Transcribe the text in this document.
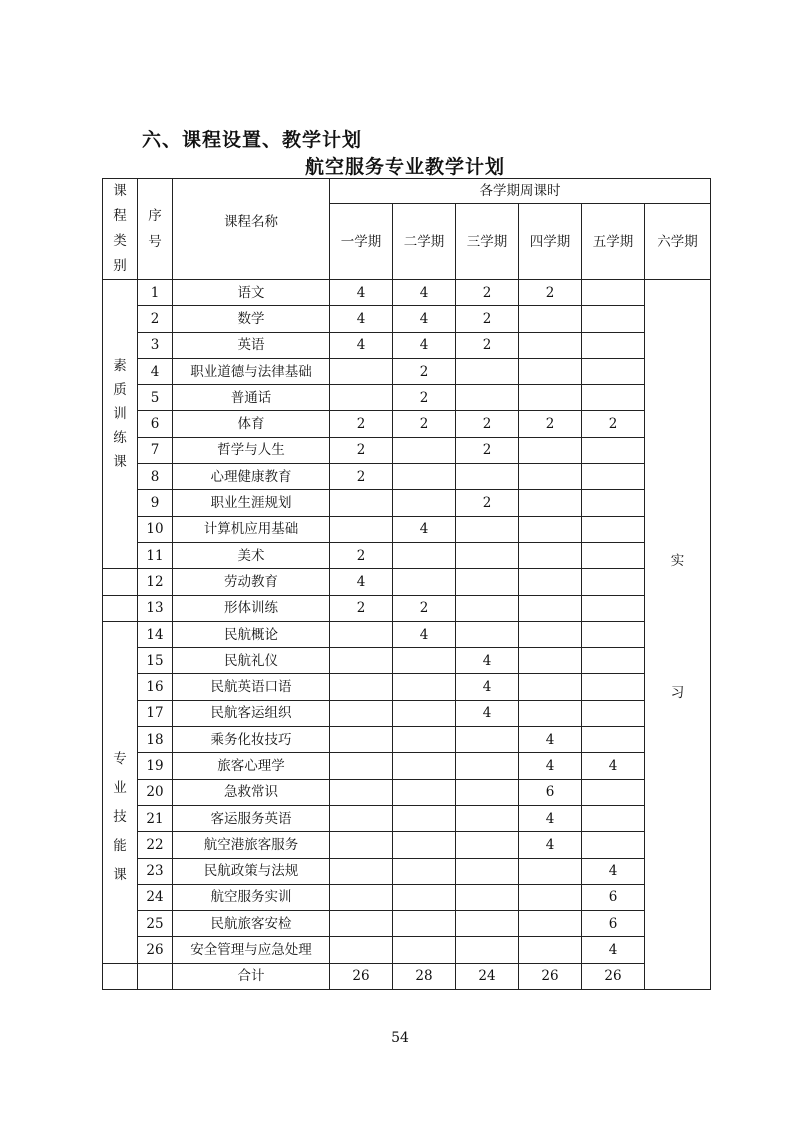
六、课程设置、教学计划
航空服务专业教学计划
课
程
类
别	序
号	课程名称	各学期周课时					
			一学期	二学期	三学期	四学期	五学期	六学期
素
质
训
练
课	1	语文	4	4	2	2		实
习

	2	数学	4	4	2			
	3	英语	4	4	2			
	4	职业道德与法律基础		2				
	5	普通话		2				
	6	体育	2	2	2	2	2	
	7	哲学与人生	2		2			
	8	心理健康教育	2					
	9	职业生涯规划			2			
	10	计算机应用基础		4				
	11	美术	2					
	12	劳动教育	4					
	13	形体训练	2	2				
专
业
技
能
课	14	民航概论		4				
	15	民航礼仪			4			
	16	民航英语口语			4			
	17	民航客运组织			4			
	18	乘务化妆技巧				4		
	19	旅客心理学				4	4	
	20	急救常识				6		
	21	客运服务英语				4		
	22	航空港旅客服务				4		
	23	民航政策与法规					4	
	24	航空服务实训					6	
	25	民航旅客安检					6	
	26	安全管理与应急处理					4	
		合计	26	28	24	26	26	
54
